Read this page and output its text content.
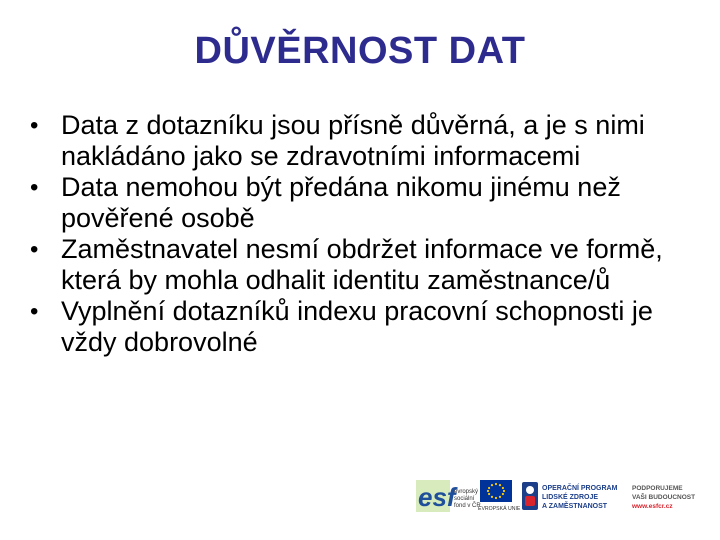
DŮVĚRNOST DAT
• Data z dotazníku jsou přísně důvěrná, a je s nimi nakládáno jako se zdravotními informacemi
• Data nemohou být předána nikomu jinému než pověřené osobě
• Zaměstnavatel nesmí obdržet informace ve formě, která by mohla odhalit identitu zaměstnance/ů
• Vyplnění dotazníků indexu pracovní schopnosti je vždy dobrovolné
esf
evropský
sociální
fond v ČR
EVROPSKÁ UNIE
OPERAČNÍ PROGRAM
LIDSKÉ ZDROJE
A ZAMĚSTNANOST
PODPORUJEME
VAŠI BUDOUCNOST
www.esfcr.cz
